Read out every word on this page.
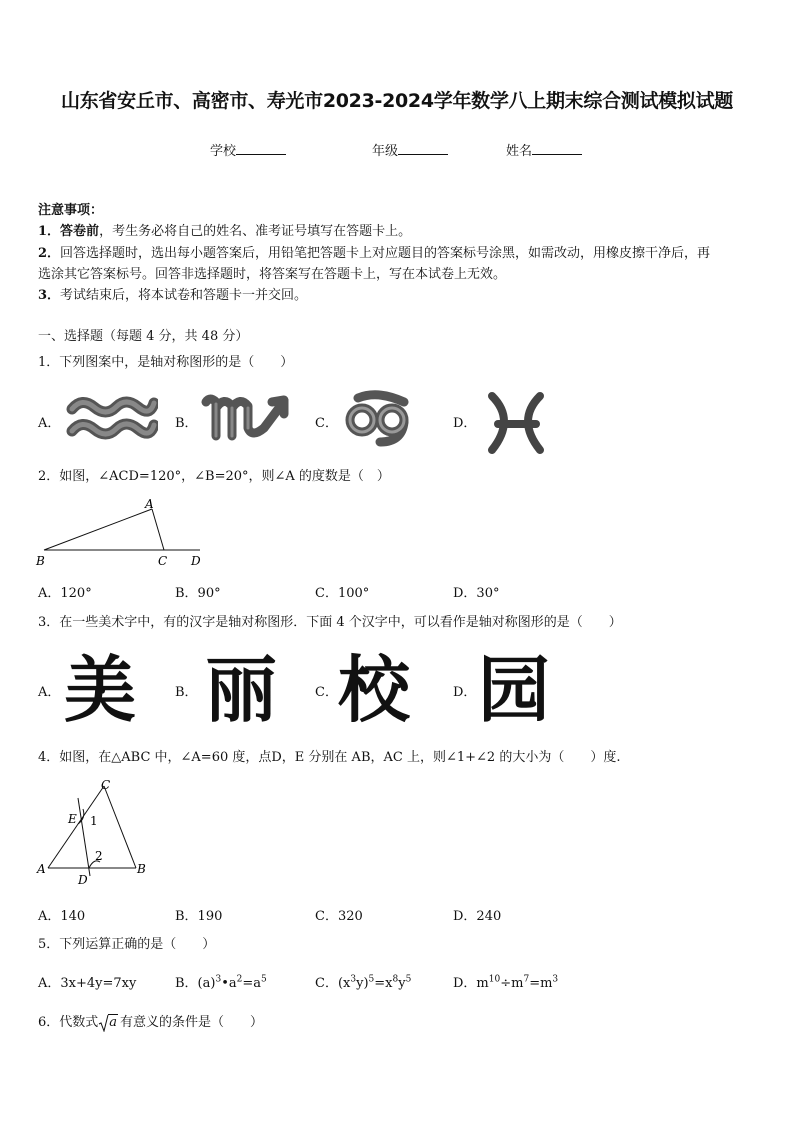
山东省安丘市、高密市、寿光市2023-2024学年数学八上期末综合测试模拟试题
学校	年级	姓名
注意事项：
1．答卷前，考生务必将自己的姓名、准考证号填写在答题卡上。
2．回答选择题时，选出每小题答案后，用铅笔把答题卡上对应题目的答案标号涂黑，如需改动，用橡皮擦干净后，再
选涂其它答案标号。回答非选择题时，将答案写在答题卡上，写在本试卷上无效。
3．考试结束后，将本试卷和答题卡一并交回。
一、选择题（每题 4 分，共 48 分）
1．下列图案中，是轴对称图形的是（　　）
A．	B．	C．	D．
2．如图，∠ACD=120°，∠B=20°，则∠A 的度数是（　）
A
B	C D
A．120°	B．90°	C．100°	D．30°
3．在一些美术字中，有的汉字是轴对称图形．下面 4 个汉字中，可以看作是轴对称图形的是（　　）
A． 美	B． 丽	C． 校	D． 园
4．如图，在△ABC 中，∠A=60 度，点D，E 分别在 AB，AC 上，则∠1+∠2 的大小为（　　）度.
C
E 1
2
A	B
D
A．140	B．190	C．320	D．240
5．下列运算正确的是（　　）
A．3x+4y=7xy	B．$(a)^3•a^2=a^5$	C．$(x^3y)^5=x^8y^5$	D．$m^{10}\div m^7=m^3$
6．代数式 a 有意义的条件是（　　）
